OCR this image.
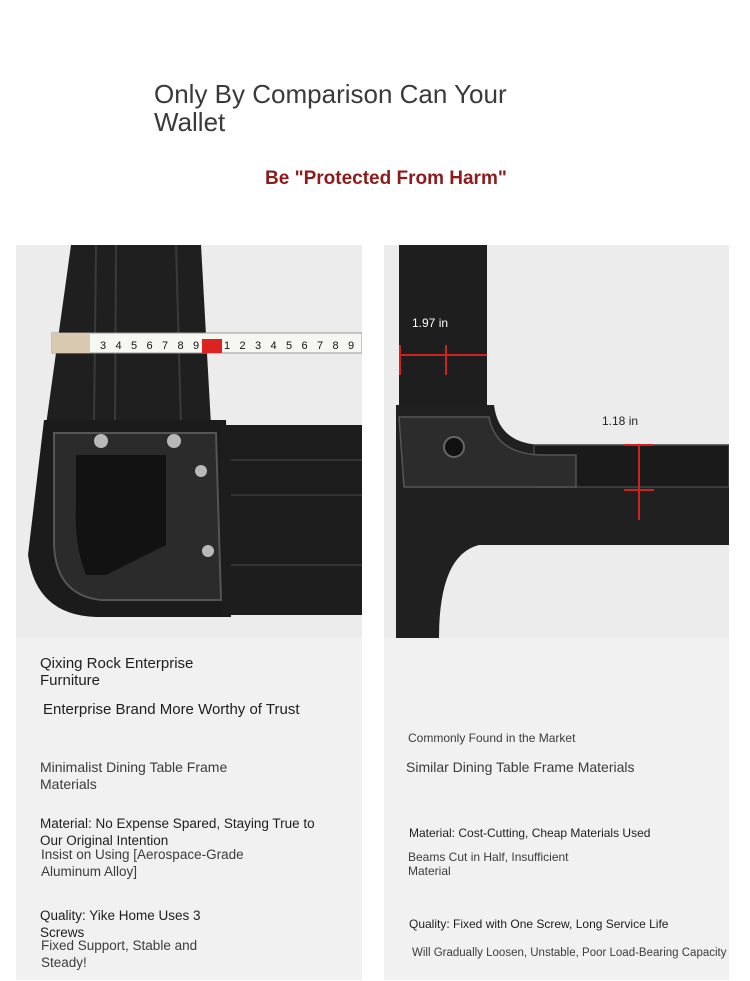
Only By Comparison Can Your Wallet
Be "Protected From Harm"
3 4 5 6 7 8 9 1 2 3 4 5 6 7 8 9
Qixing Rock Enterprise Furniture
Enterprise Brand More Worthy of Trust
Minimalist Dining Table Frame Materials
Material: No Expense Spared, Staying True to Our Original Intention
Insist on Using [Aerospace-Grade Aluminum Alloy]
Quality: Yike Home Uses 3 Screws
Fixed Support, Stable and Steady!
1.97 in
1.18 in
Commonly Found in the Market
Similar Dining Table Frame Materials
Material: Cost-Cutting, Cheap Materials Used
Beams Cut in Half, Insufficient Material
Quality: Fixed with One Screw, Long Service Life
Will Gradually Loosen, Unstable, Poor Load-Bearing Capacity
